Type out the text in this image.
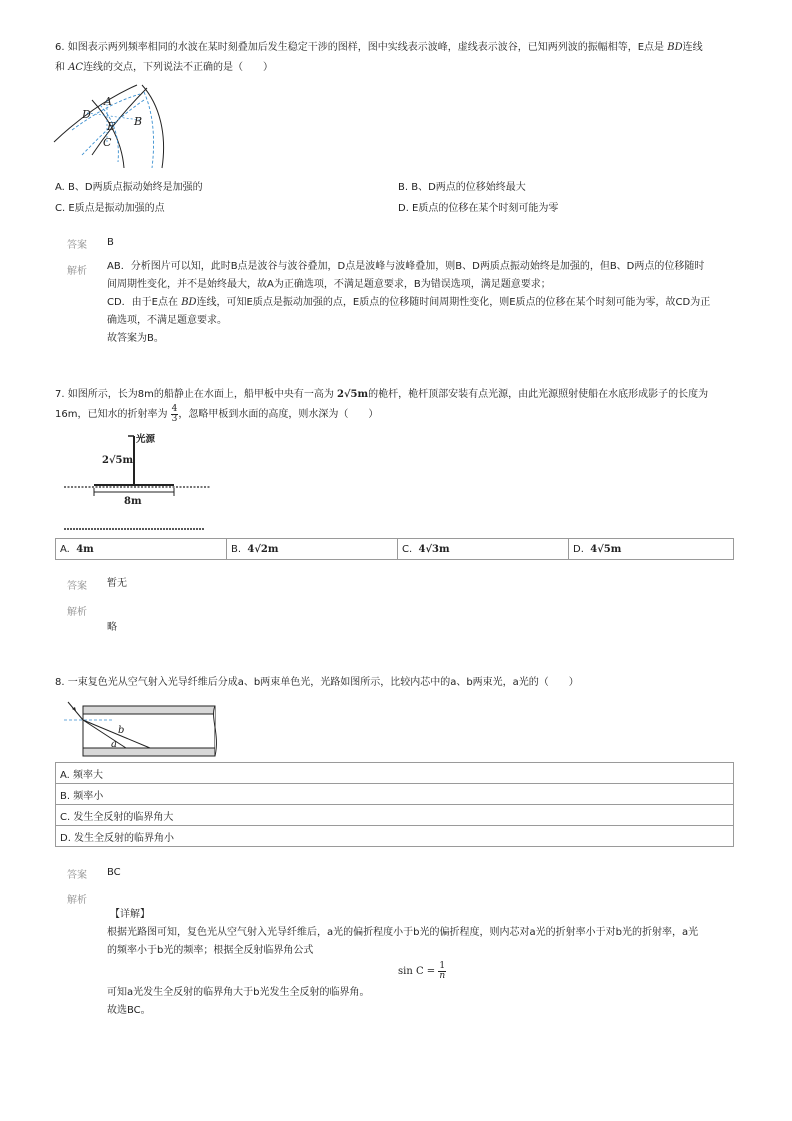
6. 如图表示两列频率相同的水波在某时刻叠加后发生稳定干涉的图样，图中实线表示波峰，虚线表示波谷，已知两列波的振幅相等，E点是 BD连线
和 AC连线的交点，下列说法不正确的是（　　）
A
B
D
E
C
A. B、D两质点振动始终是加强的	B. B、D两点的位移始终最大
C. E质点是振动加强的点	D. E质点的位移在某个时刻可能为零
答案 B
解析 AB．分析图片可以知，此时B点是波谷与波谷叠加，D点是波峰与波峰叠加，则B、D两质点振动始终是加强的，但B、D两点的位移随时
间周期性变化，并不是始终最大，故A为正确选项，不满足题意要求，B为错误选项，满足题意要求；
CD．由于E点在 BD连线，可知E质点是振动加强的点，E质点的位移随时间周期性变化，则E质点的位移在某个时刻可能为零，故CD为正
确选项，不满足题意要求。
故答案为B。
7. 如图所示，长为8m的船静止在水面上，船甲板中央有一高为 2√5m的桅杆，桅杆顶部安装有点光源，由此光源照射使船在水底形成影子的长度为
16m，已知水的折射率为 $\frac{4}{3}$ ，忽略甲板到水面的高度，则水深为（　　）
光源
2√5m
8m
A. 4m	B. 4√2m	C. 4√3m	D. 4√5m
答案 暂无
解析
略
8. 一束复色光从空气射入光导纤维后分成a、b两束单色光，光路如图所示，比较内芯中的a、b两束光，a光的（　　）
b
a
A. 频率大
B. 频率小
C. 发生全反射的临界角大
D. 发生全反射的临界角小
答案 BC
解析
【详解】
根据光路图可知，复色光从空气射入光导纤维后，a光的偏折程度小于b光的偏折程度，则内芯对a光的折射率小于对b光的折射率，a光
的频率小于b光的频率；根据全反射临界角公式
$\sin C = \frac{1}{n}$
可知a光发生全反射的临界角大于b光发生全反射的临界角。
故选BC。
